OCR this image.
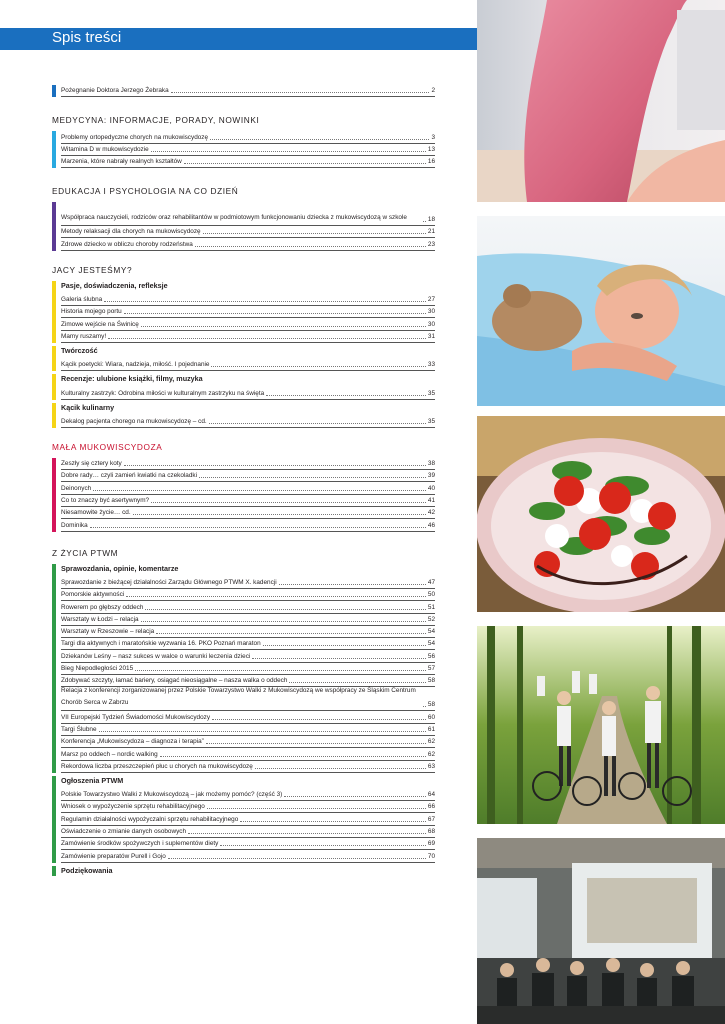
Spis treści
Pożegnanie Doktora Jerzego Żebraka	2
MEDYCYNA: INFORMACJE, PORADY, NOWINKI
Problemy ortopedyczne chorych na mukowiscydozę	3
Witamina D w mukowiscydozie	13
Marzenia, które nabrały realnych kształtów	16
EDUKACJA I PSYCHOLOGIA NA CO DZIEŃ
Współpraca nauczycieli, rodziców oraz rehabilitantów w podmiotowym funkcjonowaniu dziecka z mukowiscydozą w szkole	18
Metody relaksacji dla chorych na mukowiscydozę	21
Zdrowe dziecko w obliczu choroby rodzeństwa	23
JACY JESTEŚMY?
Pasje, doświadczenia, refleksje
Galeria ślubna	27
Historia mojego portu	30
Zimowe wejście na Świnicę	30
Mamy ruszamy!	31
Twórczość
Kącik poetycki: Wiara, nadzieja, miłość. I pojednanie	33
Recenzje: ulubione książki, filmy, muzyka
Kulturalny zastrzyk: Odrobina miłości w kulturalnym zastrzyku na święta	35
Kącik kulinarny
Dekalog pacjenta chorego na mukowiscydozę – cd.	35
MAŁA MUKOWISCYDOZA
Zeszły się cztery koty	38
Dobre rady… czyli zamień kwiatki na czekoladki	39
Deinonych	40
Co to znaczy być asertywnym?	41
Niesamowite życie… cd.	42
Dominika	46
Z ŻYCIA PTWM
Sprawozdania, opinie, komentarze
Sprawozdanie z bieżącej działalności Zarządu Głównego PTWM X. kadencji	47
Pomorskie aktywności	50
Rowerem po głębszy oddech	51
Warsztaty w Łodzi – relacja	52
Warsztaty w Rzeszowie – relacja	54
Targi dla aktywnych i maratońskie wyzwania 16. PKO Poznań maraton	54
Dziekanów Leśny – nasz sukces w walce o warunki leczenia dzieci	56
Bieg Niepodległości 2015	57
Zdobywać szczyty, łamać bariery, osiągać nieosiągalne – nasza walka o oddech	58
Relacja z konferencji zorganizowanej przez Polskie Towarzystwo Walki z Mukowiscydozą we współpracy ze Śląskim Centrum Chorób Serca w Zabrzu	58
VII Europejski Tydzień Świadomości Mukowiscydozy	60
Targi Ślubne	61
Konferencja „Mukowiscydoza – diagnoza i terapia”	62
Marsz po oddech – nordic walking	62
Rekordowa liczba przeszczepień płuc u chorych na mukowiscydozę	63
Ogłoszenia PTWM
Polskie Towarzystwo Walki z Mukowiscydozą – jak możemy pomóc? (część 3)	64
Wniosek o wypożyczenie sprzętu rehabilitacyjnego	66
Regulamin działalności wypożyczalni sprzętu rehabilitacyjnego	67
Oświadczenie o zmianie danych osobowych	68
Zamówienie środków spożywczych i suplementów diety	69
Zamówienie preparatów Purell i Gojo	70
Podziękowania
